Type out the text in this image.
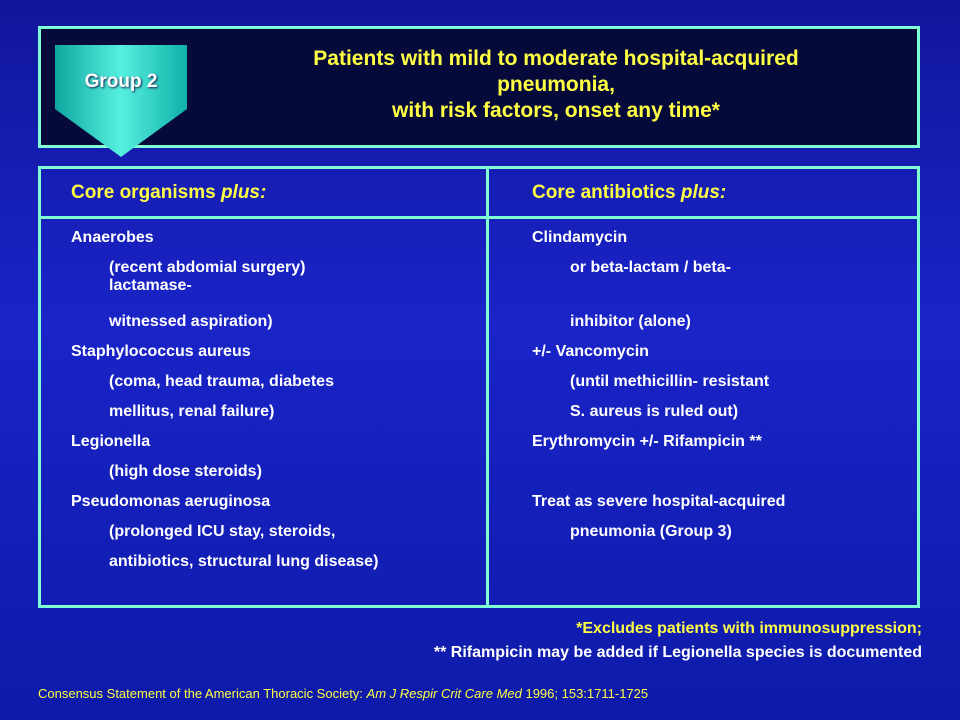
Group 2
Patients with mild to moderate hospital-acquired
pneumonia,
with risk factors, onset any time*
Core organisms plus:	Core antibiotics plus:
Anaerobes
(recent abdomial surgery)
lactamase-
witnessed aspiration)
Staphylococcus aureus
(coma, head trauma, diabetes
mellitus, renal failure)
Legionella
(high dose steroids)
Pseudomonas aeruginosa
(prolonged ICU stay, steroids,
antibiotics, structural lung disease)
Clindamycin
or beta-lactam / beta-
inhibitor (alone)
+/- Vancomycin
(until methicillin- resistant
S. aureus is ruled out)
Erythromycin +/- Rifampicin **
Treat as severe hospital-acquired
pneumonia (Group 3)
*Excludes patients with immunosuppression;
** Rifampicin may be added if Legionella species is documented
Consensus Statement of the American Thoracic Society: Am J Respir Crit Care Med 1996; 153:1711-1725
